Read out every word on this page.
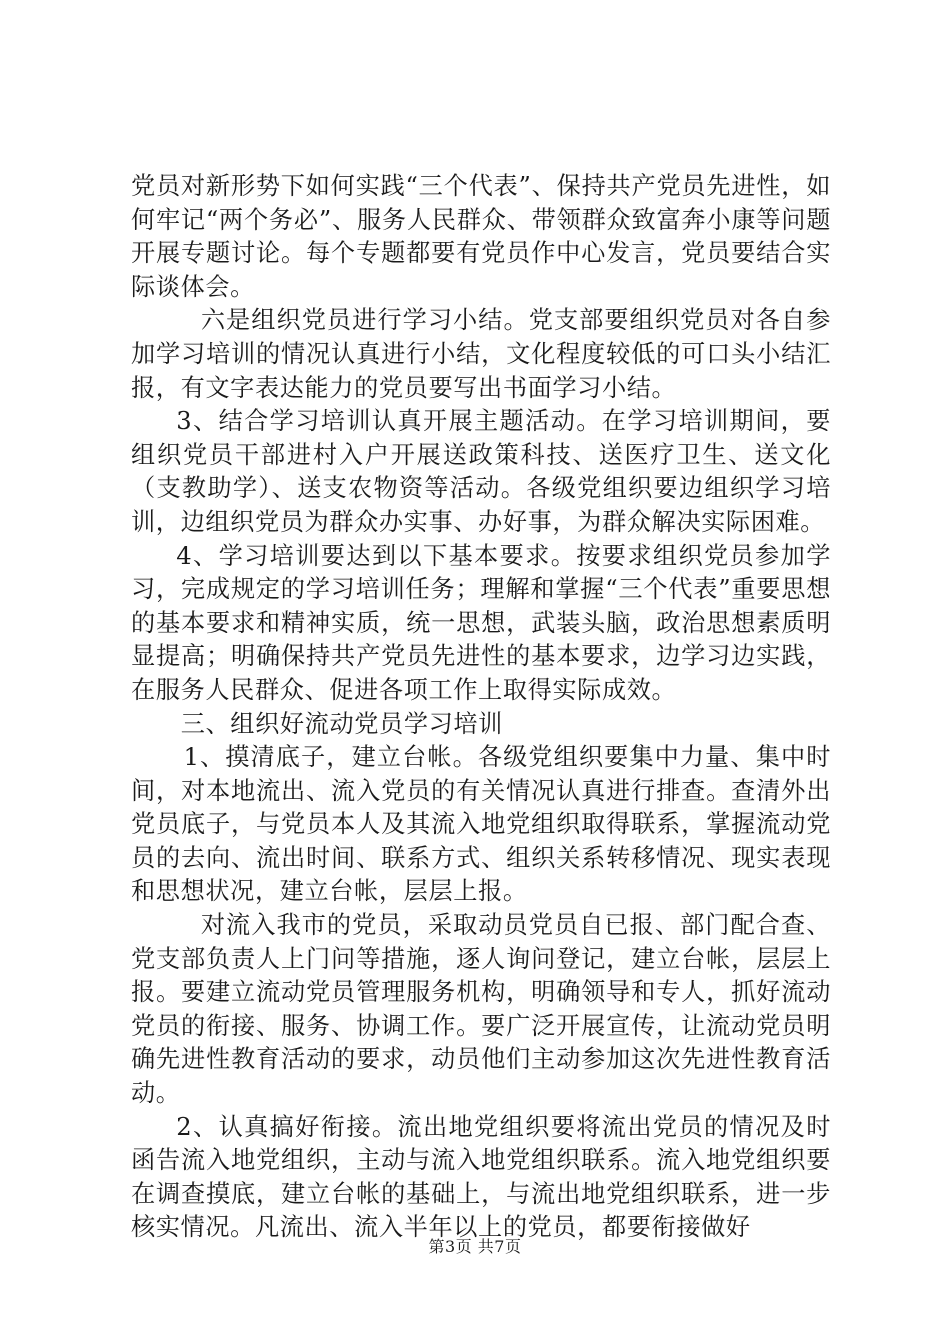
党员对新形势下如何实践“三个代表”、保持共产党员先进性，如何牢记“两个务必”、服务人民群众、带领群众致富奔小康等问题开展专题讨论。每个专题都要有党员作中心发言，党员要结合实际谈体会。

六是组织党员进行学习小结。党支部要组织党员对各自参加学习培训的情况认真进行小结，文化程度较低的可口头小结汇报，有文字表达能力的党员要写出书面学习小结。

3、结合学习培训认真开展主题活动。在学习培训期间，要组织党员干部进村入户开展送政策科技、送医疗卫生、送文化（支教助学）、送支农物资等活动。各级党组织要边组织学习培训，边组织党员为群众办实事、办好事，为群众解决实际困难。

4、学习培训要达到以下基本要求。按要求组织党员参加学习，完成规定的学习培训任务；理解和掌握“三个代表”重要思想的基本要求和精神实质，统一思想，武装头脑，政治思想素质明显提高；明确保持共产党员先进性的基本要求，边学习边实践，在服务人民群众、促进各项工作上取得实际成效。

三、组织好流动党员学习培训

1、摸清底子，建立台帐。各级党组织要集中力量、集中时间，对本地流出、流入党员的有关情况认真进行排查。查清外出党员底子，与党员本人及其流入地党组织取得联系，掌握流动党员的去向、流出时间、联系方式、组织关系转移情况、现实表现和思想状况，建立台帐，层层上报。

对流入我市的党员，采取动员党员自已报、部门配合查、党支部负责人上门问等措施，逐人询问登记，建立台帐，层层上报。要建立流动党员管理服务机构，明确领导和专人，抓好流动党员的衔接、服务、协调工作。要广泛开展宣传，让流动党员明确先进性教育活动的要求，动员他们主动参加这次先进性教育活动。

2、认真搞好衔接。流出地党组织要将流出党员的情况及时函告流入地党组织，主动与流入地党组织联系。流入地党组织要在调查摸底，建立台帐的基础上，与流出地党组织联系，进一步核实情况。凡流出、流入半年以上的党员，都要衔接做好

第3页 共7页
